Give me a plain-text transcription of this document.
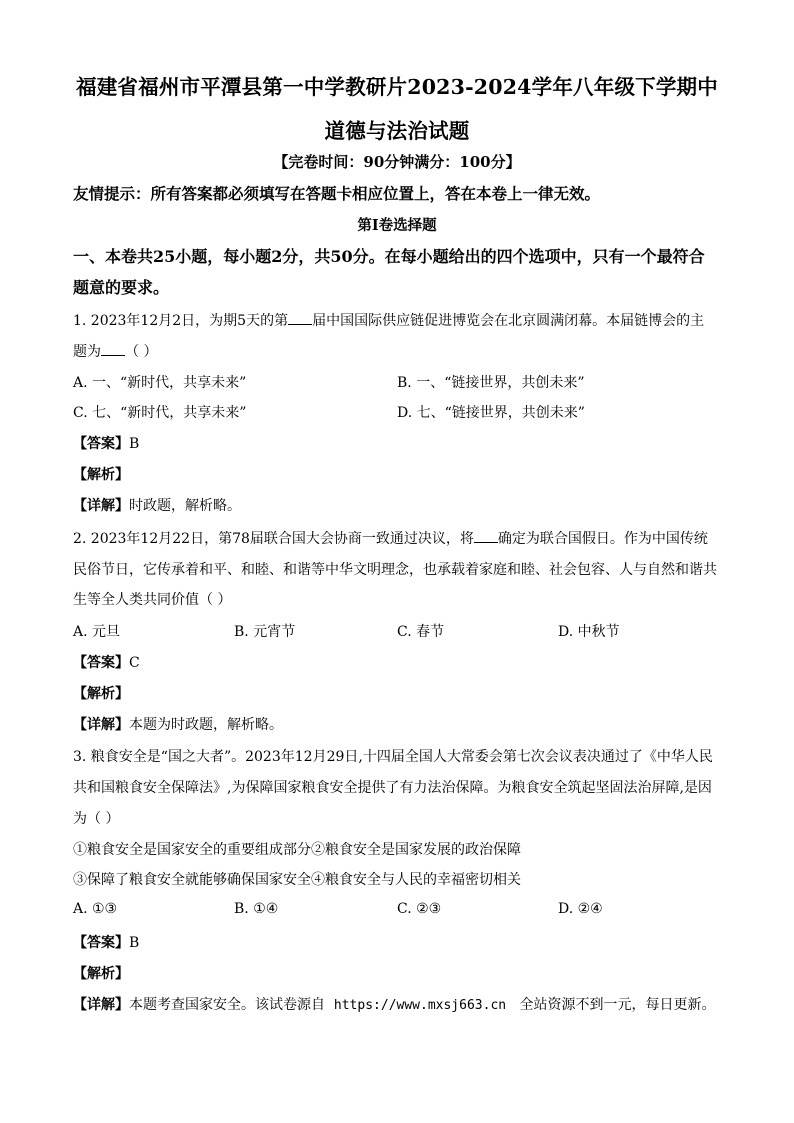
福建省福州市平潭县第一中学教研片2023-2024学年八年级下学期中
道德与法治试题
【完卷时间：90分钟满分：100分】
友情提示：所有答案都必须填写在答题卡相应位置上，答在本卷上一律无效。
第I卷选择题
一、本卷共25小题，每小题2分，共50分。在每小题给出的四个选项中，只有一个最符合
题意的要求。
1. 2023年12月2日，为期5天的第 届中国国际供应链促进博览会在北京圆满闭幕。本届链博会的主
题为 （ ）
A. 一、“新时代，共享未来”	B. 一、“链接世界，共创未来”
C. 七、“新时代，共享未来”	D. 七、“链接世界，共创未来”
【答案】B
【解析】
【详解】时政题，解析略。
2. 2023年12月22日，第78届联合国大会协商一致通过决议，将 确定为联合国假日。作为中国传统
民俗节日，它传承着和平、和睦、和谐等中华文明理念，也承载着家庭和睦、社会包容、人与自然和谐共
生等全人类共同价值（ ）
A. 元旦	B. 元宵节	C. 春节	D. 中秋节
【答案】C
【解析】
【详解】本题为时政题，解析略。
3. 粮食安全是“国之大者”。2023年12月29日,十四届全国人大常委会第七次会议表决通过了《中华人民
共和国粮食安全保障法》,为保障国家粮食安全提供了有力法治保障。为粮食安全筑起坚固法治屏障,是因
为（ ）
①粮食安全是国家安全的重要组成部分②粮食安全是国家发展的政治保障
③保障了粮食安全就能够确保国家安全④粮食安全与人民的幸福密切相关
A. ①③	B. ①④	C. ②③	D. ②④
【答案】B
【解析】
【详解】本题考查国家安全。该试卷源自 https://www.mxsj663.cn 全站资源不到一元，每日更新。
